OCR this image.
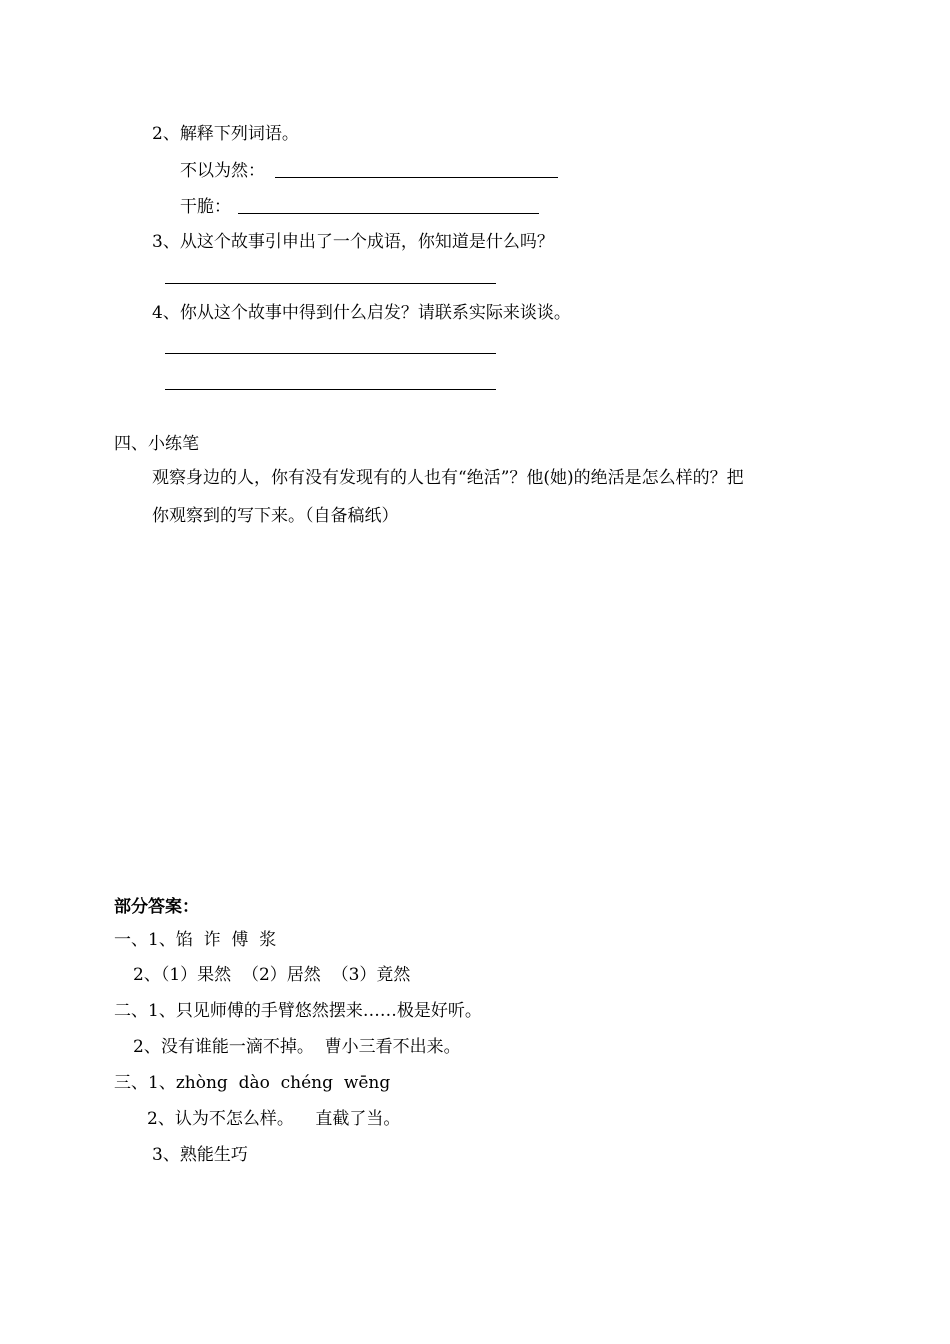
2、解释下列词语。
不以为然：
干脆：
3、从这个故事引申出了一个成语，你知道是什么吗？
4、你从这个故事中得到什么启发？请联系实际来谈谈。
四、小练笔
观察身边的人，你有没有发现有的人也有“绝活”？他(她)的绝活是怎么样的？把
你观察到的写下来。（自备稿纸）
部分答案：
一、1、馅  诈  傅  浆
2、（1）果然  （2）居然  （3）竟然
二、1、只见师傅的手臂悠然摆来……极是好听。
2、没有谁能一滴不掉。  曹小三看不出来。
三、1、zhòng  dào  chéng  wēng
2、认为不怎么样。    直截了当。
3、熟能生巧
